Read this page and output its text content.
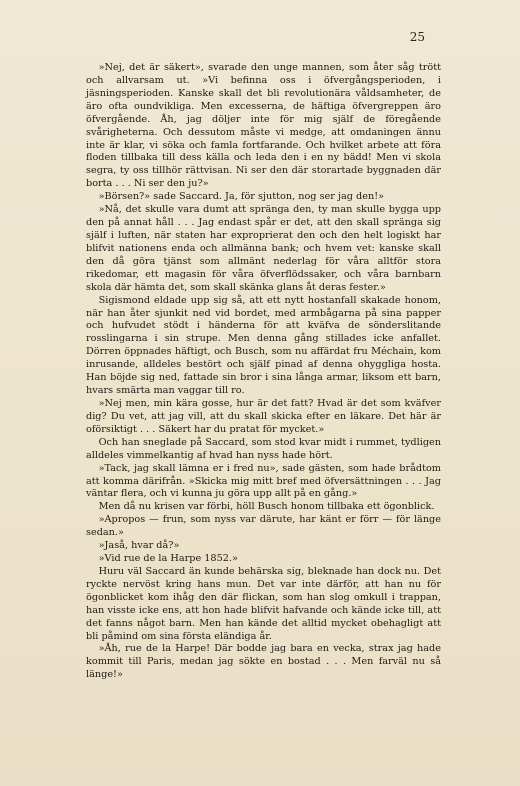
25

»Nej, det är säkert», svarade den unge mannen, som åter såg trött och allvarsam ut. »Vi befinna oss i öfvergångsperioden, i jäsningsperioden. Kanske skall det bli revolutionära våldsamheter, de äro ofta oundvikliga. Men excesserna, de häftiga öfvergreppen äro öfvergående. Åh, jag döljer inte för mig själf de föregående svårigheterna. Och dessutom måste vi medge, att omdaningen ännu inte är klar, vi söka och famla fortfarande. Och hvilket arbete att föra floden tillbaka till dess källa och leda den i en ny bädd! Men vi skola segra, ty oss tillhör rättvisan. Ni ser den där storartade byggnaden där borta . . . Ni ser den ju?»

»Börsen?» sade Saccard. Ja, för sjutton, nog ser jag den!»

»Nå, det skulle vara dumt att spränga den, ty man skulle bygga upp den på annat håll . . . Jag endast spår er det, att den skall spränga sig själf i luften, när staten har exproprierat den och den helt logiskt har blifvit nationens enda och allmänna bank; och hvem vet: kanske skall den då göra tjänst som allmänt nederlag för våra alltför stora rikedomar, ett magasin för våra öfverflödssaker, och våra barnbarn skola där hämta det, som skall skänka glans åt deras fester.»

Sigismond eldade upp sig så, att ett nytt hostanfall skakade honom, när han åter sjunkit ned vid bordet, med armbågarna på sina papper och hufvudet stödt i händerna för att kväfva de sönderslitande rosslingarna i sin strupe. Men denna gång stillades icke anfallet. Dörren öppnades häftigt, och Busch, som nu affärdat fru Méchain, kom inrusande, alldeles bestört och själf pinad af denna ohyggliga hosta. Han böjde sig ned, fattade sin bror i sina långa armar, liksom ett barn, hvars smärta man vaggar till ro.

»Nej men, min kära gosse, hur är det fatt? Hvad är det som kväfver dig? Du vet, att jag vill, att du skall skicka efter en läkare. Det här är oförsiktigt . . . Säkert har du pratat för mycket.»

Och han sneglade på Saccard, som stod kvar midt i rummet, tydligen alldeles vimmelkantig af hvad han nyss hade hört.

»Tack, jag skall lämna er i fred nu», sade gästen, som hade brådtom att komma därifrån. »Skicka mig mitt bref med öfversättningen . . . Jag väntar flera, och vi kunna ju göra upp allt på en gång.»

Men då nu krisen var förbi, höll Busch honom tillbaka ett ögonblick.

»Apropos — frun, som nyss var därute, har känt er förr — för länge sedan.»

»Jaså, hvar då?»

»Vid rue de la Harpe 1852.»

Huru väl Saccard än kunde behärska sig, bleknade han dock nu. Det ryckte nervöst kring hans mun. Det var inte därför, att han nu för ögonblicket kom ihåg den där flickan, som han slog omkull i trappan, han visste icke ens, att hon hade blifvit hafvande och kände icke till, att det fanns något barn. Men han kände det alltid mycket obehagligt att bli påmind om sina första eländiga år.

»Åh, rue de la Harpe! Där bodde jag bara en vecka, strax jag hade kommit till Paris, medan jag sökte en bostad . . . Men farväl nu så länge!»
